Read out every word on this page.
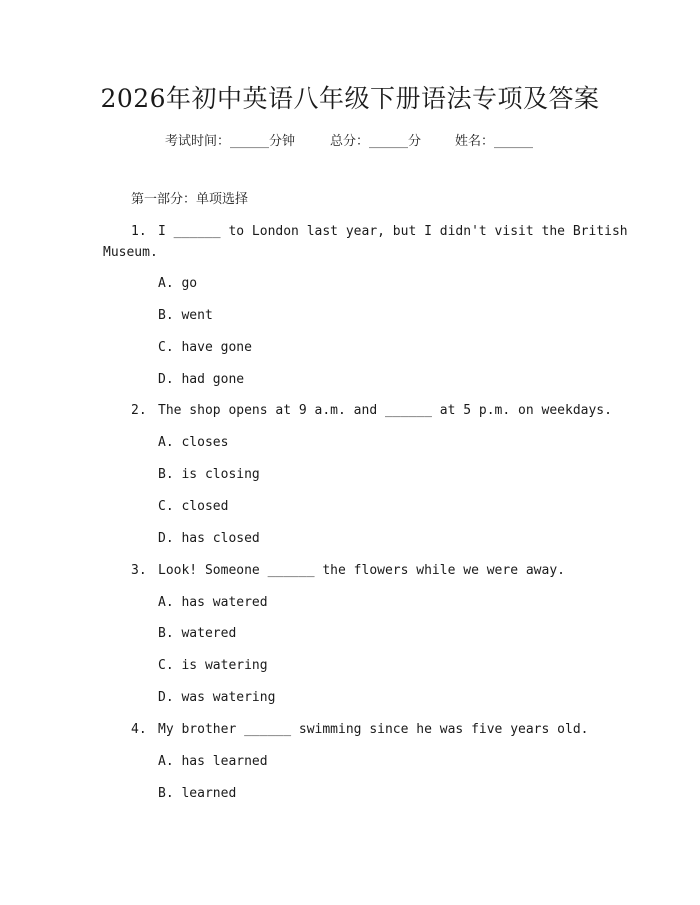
2026年初中英语八年级下册语法专项及答案
考试时间：______分钟	总分：______分	姓名：______
第一部分：单项选择
1. I ______ to London last year, but I didn't visit the British
Museum.
A. go
B. went
C. have gone
D. had gone
2. The shop opens at 9 a.m. and ______ at 5 p.m. on weekdays.
A. closes
B. is closing
C. closed
D. has closed
3. Look! Someone ______ the flowers while we were away.
A. has watered
B. watered
C. is watering
D. was watering
4. My brother ______ swimming since he was five years old.
A. has learned
B. learned
